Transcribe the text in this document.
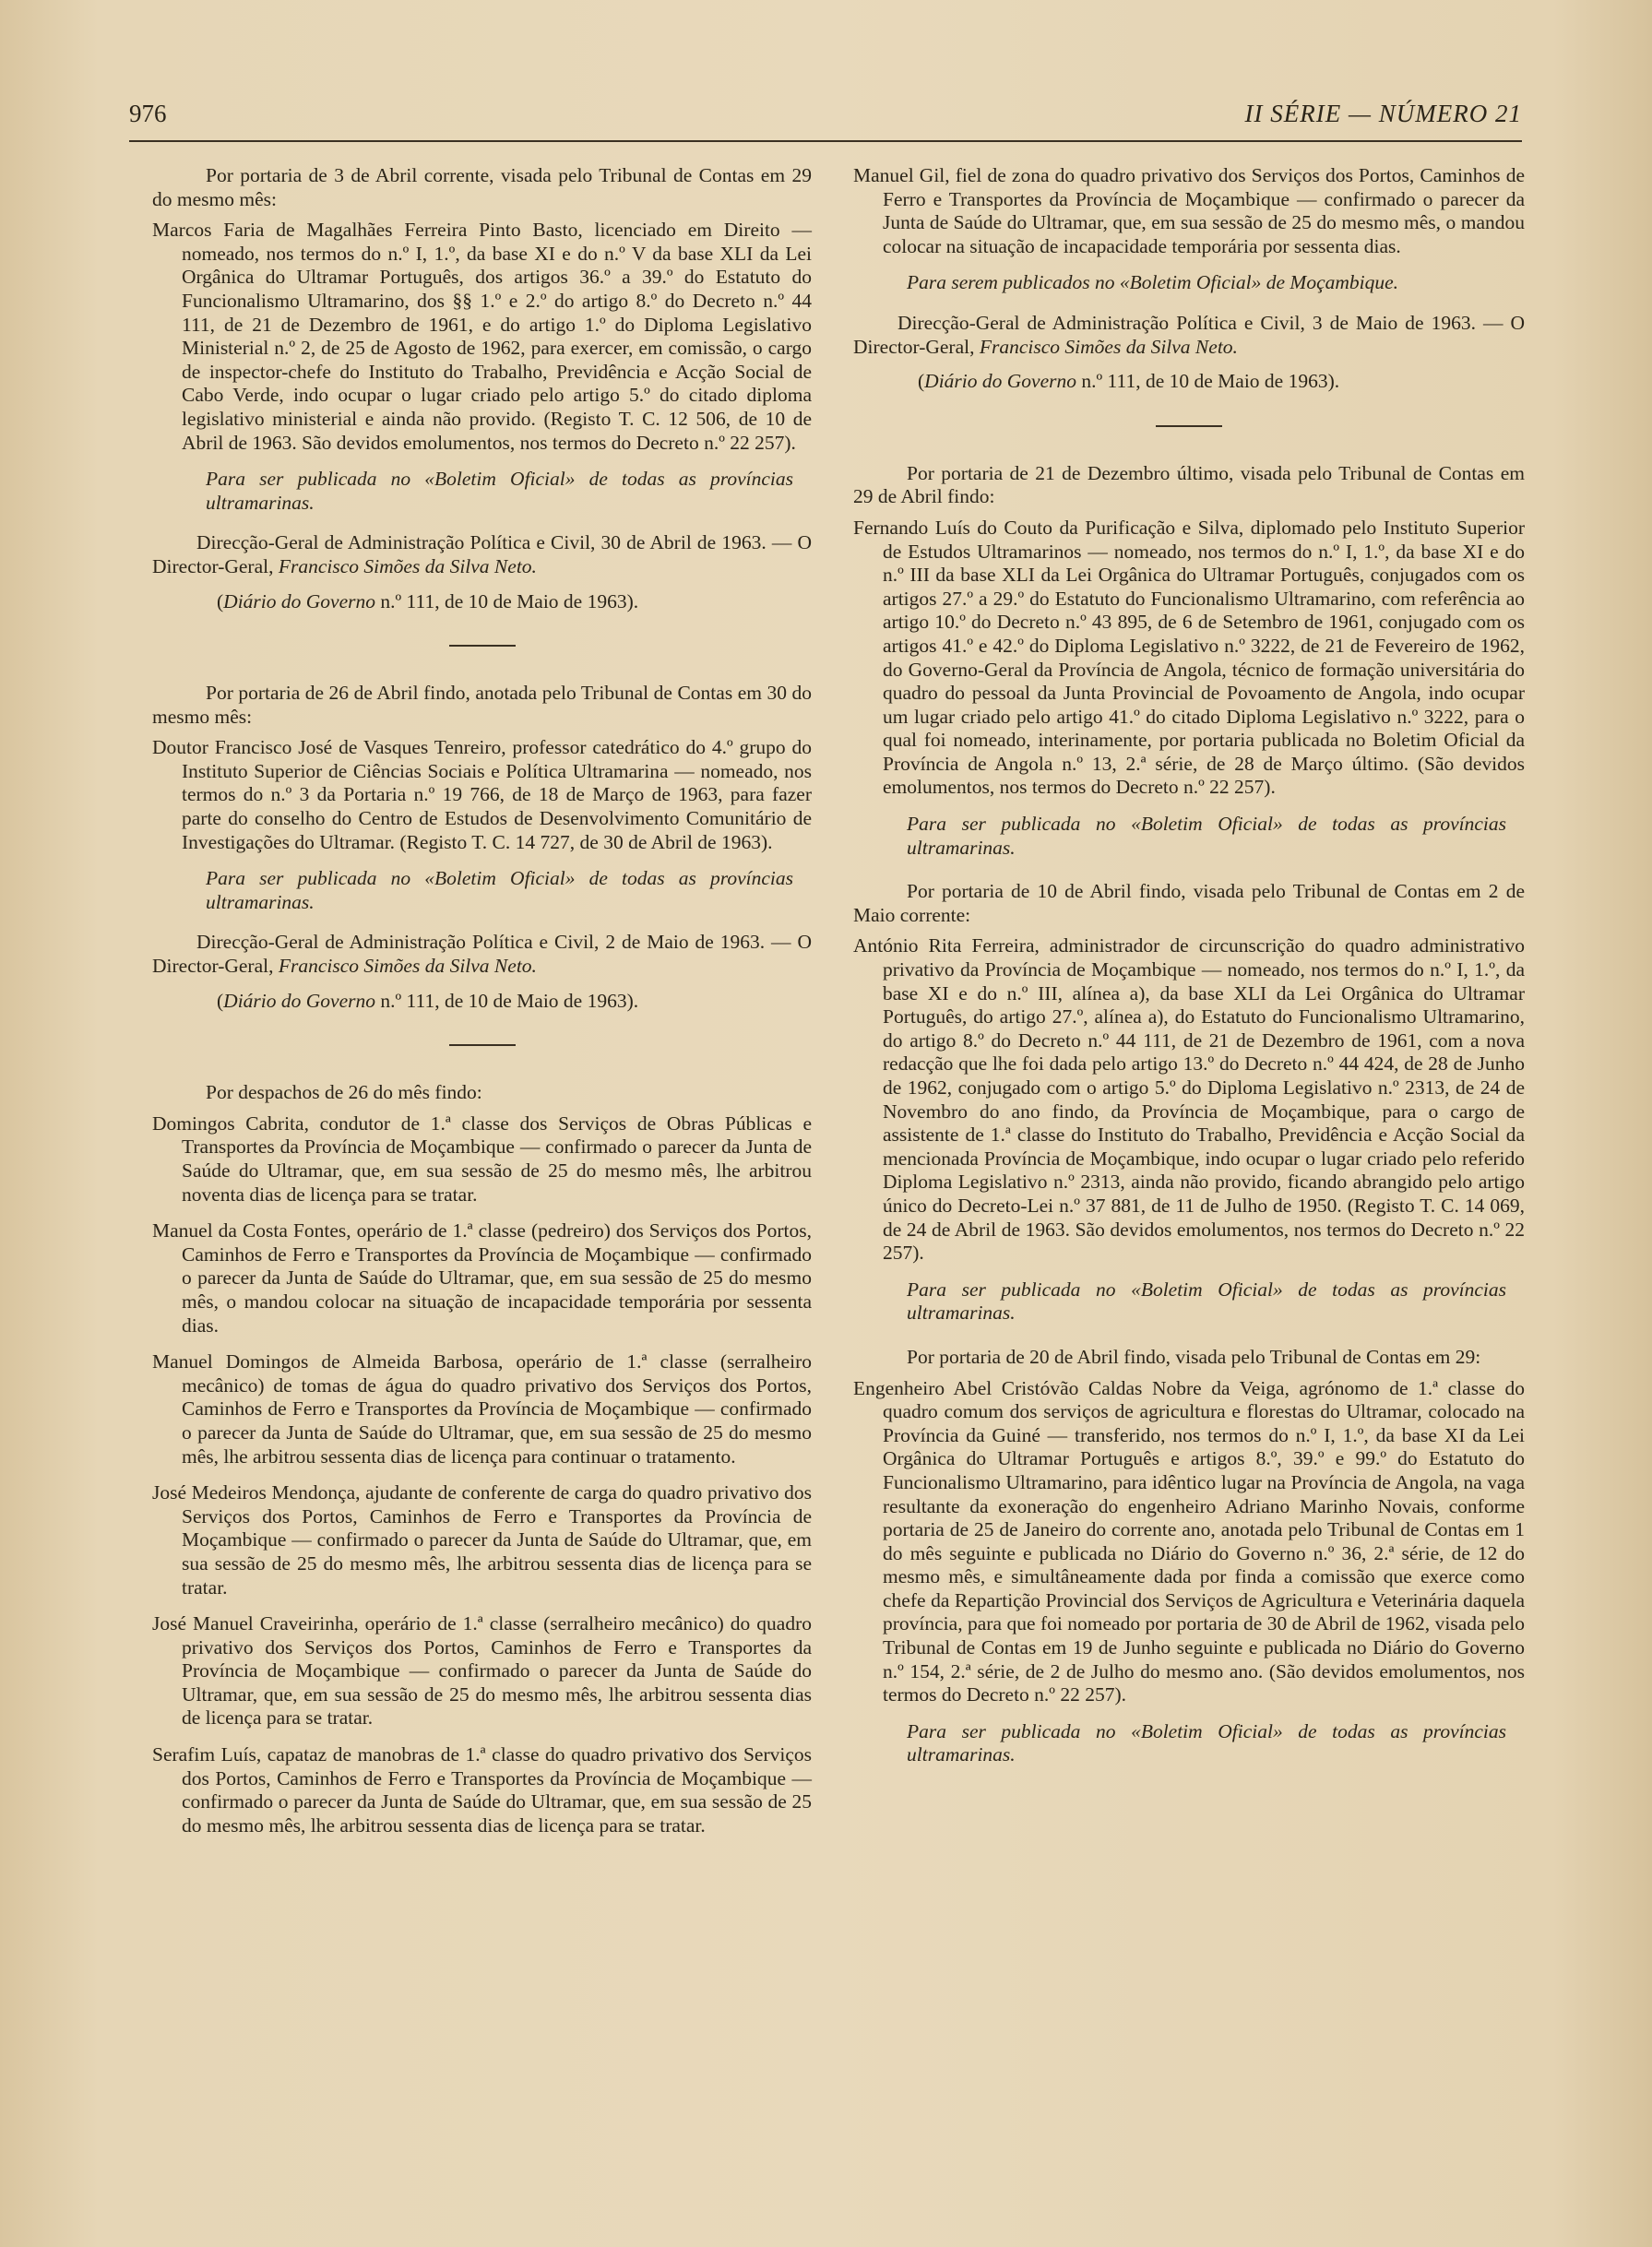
976	II SÉRIE — NÚMERO 21

Por portaria de 3 de Abril corrente, visada pelo Tribunal de Contas em 29 do mesmo mês:

Marcos Faria de Magalhães Ferreira Pinto Basto, licenciado em Direito — nomeado, nos termos do n.º I, 1.º, da base XI e do n.º V da base XLI da Lei Orgânica do Ultramar Português, dos artigos 36.º a 39.º do Estatuto do Funcionalismo Ultramarino, dos §§ 1.º e 2.º do artigo 8.º do Decreto n.º 44 111, de 21 de Dezembro de 1961, e do artigo 1.º do Diploma Legislativo Ministerial n.º 2, de 25 de Agosto de 1962, para exercer, em comissão, o cargo de inspector-chefe do Instituto do Trabalho, Previdência e Acção Social de Cabo Verde, indo ocupar o lugar criado pelo artigo 5.º do citado diploma legislativo ministerial e ainda não provido. (Registo T. C. 12 506, de 10 de Abril de 1963. São devidos emolumentos, nos termos do Decreto n.º 22 257).

Para ser publicada no «Boletim Oficial» de todas as províncias ultramarinas.

Direcção-Geral de Administração Política e Civil, 30 de Abril de 1963. — O Director-Geral, Francisco Simões da Silva Neto.

(Diário do Governo n.º 111, de 10 de Maio de 1963).

Por portaria de 26 de Abril findo, anotada pelo Tribunal de Contas em 30 do mesmo mês:

Doutor Francisco José de Vasques Tenreiro, professor catedrático do 4.º grupo do Instituto Superior de Ciências Sociais e Política Ultramarina — nomeado, nos termos do n.º 3 da Portaria n.º 19 766, de 18 de Março de 1963, para fazer parte do conselho do Centro de Estudos de Desenvolvimento Comunitário de Investigações do Ultramar. (Registo T. C. 14 727, de 30 de Abril de 1963).

Para ser publicada no «Boletim Oficial» de todas as províncias ultramarinas.

Direcção-Geral de Administração Política e Civil, 2 de Maio de 1963. — O Director-Geral, Francisco Simões da Silva Neto.

(Diário do Governo n.º 111, de 10 de Maio de 1963).

Por despachos de 26 do mês findo:

Domingos Cabrita, condutor de 1.ª classe dos Serviços de Obras Públicas e Transportes da Província de Moçambique — confirmado o parecer da Junta de Saúde do Ultramar, que, em sua sessão de 25 do mesmo mês, lhe arbitrou noventa dias de licença para se tratar.

Manuel da Costa Fontes, operário de 1.ª classe (pedreiro) dos Serviços dos Portos, Caminhos de Ferro e Transportes da Província de Moçambique — confirmado o parecer da Junta de Saúde do Ultramar, que, em sua sessão de 25 do mesmo mês, o mandou colocar na situação de incapacidade temporária por sessenta dias.

Manuel Domingos de Almeida Barbosa, operário de 1.ª classe (serralheiro mecânico) de tomas de água do quadro privativo dos Serviços dos Portos, Caminhos de Ferro e Transportes da Província de Moçambique — confirmado o parecer da Junta de Saúde do Ultramar, que, em sua sessão de 25 do mesmo mês, lhe arbitrou sessenta dias de licença para continuar o tratamento.

José Medeiros Mendonça, ajudante de conferente de carga do quadro privativo dos Serviços dos Portos, Caminhos de Ferro e Transportes da Província de Moçambique — confirmado o parecer da Junta de Saúde do Ultramar, que, em sua sessão de 25 do mesmo mês, lhe arbitrou sessenta dias de licença para se tratar.

José Manuel Craveirinha, operário de 1.ª classe (serralheiro mecânico) do quadro privativo dos Serviços dos Portos, Caminhos de Ferro e Transportes da Província de Moçambique — confirmado o parecer da Junta de Saúde do Ultramar, que, em sua sessão de 25 do mesmo mês, lhe arbitrou sessenta dias de licença para se tratar.

Serafim Luís, capataz de manobras de 1.ª classe do quadro privativo dos Serviços dos Portos, Caminhos de Ferro e Transportes da Província de Moçambique — confirmado o parecer da Junta de Saúde do Ultramar, que, em sua sessão de 25 do mesmo mês, lhe arbitrou sessenta dias de licença para se tratar.

Manuel Gil, fiel de zona do quadro privativo dos Serviços dos Portos, Caminhos de Ferro e Transportes da Província de Moçambique — confirmado o parecer da Junta de Saúde do Ultramar, que, em sua sessão de 25 do mesmo mês, o mandou colocar na situação de incapacidade temporária por sessenta dias.

Para serem publicados no «Boletim Oficial» de Moçambique.

Direcção-Geral de Administração Política e Civil, 3 de Maio de 1963. — O Director-Geral, Francisco Simões da Silva Neto.

(Diário do Governo n.º 111, de 10 de Maio de 1963).

Por portaria de 21 de Dezembro último, visada pelo Tribunal de Contas em 29 de Abril findo:

Fernando Luís do Couto da Purificação e Silva, diplomado pelo Instituto Superior de Estudos Ultramarinos — nomeado, nos termos do n.º I, 1.º, da base XI e do n.º III da base XLI da Lei Orgânica do Ultramar Português, conjugados com os artigos 27.º a 29.º do Estatuto do Funcionalismo Ultramarino, com referência ao artigo 10.º do Decreto n.º 43 895, de 6 de Setembro de 1961, conjugado com os artigos 41.º e 42.º do Diploma Legislativo n.º 3222, de 21 de Fevereiro de 1962, do Governo-Geral da Província de Angola, técnico de formação universitária do quadro do pessoal da Junta Provincial de Povoamento de Angola, indo ocupar um lugar criado pelo artigo 41.º do citado Diploma Legislativo n.º 3222, para o qual foi nomeado, interinamente, por portaria publicada no Boletim Oficial da Província de Angola n.º 13, 2.ª série, de 28 de Março último. (São devidos emolumentos, nos termos do Decreto n.º 22 257).

Para ser publicada no «Boletim Oficial» de todas as províncias ultramarinas.

Por portaria de 10 de Abril findo, visada pelo Tribunal de Contas em 2 de Maio corrente:

António Rita Ferreira, administrador de circunscrição do quadro administrativo privativo da Província de Moçambique — nomeado, nos termos do n.º I, 1.º, da base XI e do n.º III, alínea a), da base XLI da Lei Orgânica do Ultramar Português, do artigo 27.º, alínea a), do Estatuto do Funcionalismo Ultramarino, do artigo 8.º do Decreto n.º 44 111, de 21 de Dezembro de 1961, com a nova redacção que lhe foi dada pelo artigo 13.º do Decreto n.º 44 424, de 28 de Junho de 1962, conjugado com o artigo 5.º do Diploma Legislativo n.º 2313, de 24 de Novembro do ano findo, da Província de Moçambique, para o cargo de assistente de 1.ª classe do Instituto do Trabalho, Previdência e Acção Social da mencionada Província de Moçambique, indo ocupar o lugar criado pelo referido Diploma Legislativo n.º 2313, ainda não provido, ficando abrangido pelo artigo único do Decreto-Lei n.º 37 881, de 11 de Julho de 1950. (Registo T. C. 14 069, de 24 de Abril de 1963. São devidos emolumentos, nos termos do Decreto n.º 22 257).

Para ser publicada no «Boletim Oficial» de todas as províncias ultramarinas.

Por portaria de 20 de Abril findo, visada pelo Tribunal de Contas em 29:

Engenheiro Abel Cristóvão Caldas Nobre da Veiga, agrónomo de 1.ª classe do quadro comum dos serviços de agricultura e florestas do Ultramar, colocado na Província da Guiné — transferido, nos termos do n.º I, 1.º, da base XI da Lei Orgânica do Ultramar Português e artigos 8.º, 39.º e 99.º do Estatuto do Funcionalismo Ultramarino, para idêntico lugar na Província de Angola, na vaga resultante da exoneração do engenheiro Adriano Marinho Novais, conforme portaria de 25 de Janeiro do corrente ano, anotada pelo Tribunal de Contas em 1 do mês seguinte e publicada no Diário do Governo n.º 36, 2.ª série, de 12 do mesmo mês, e simultâneamente dada por finda a comissão que exerce como chefe da Repartição Provincial dos Serviços de Agricultura e Veterinária daquela província, para que foi nomeado por portaria de 30 de Abril de 1962, visada pelo Tribunal de Contas em 19 de Junho seguinte e publicada no Diário do Governo n.º 154, 2.ª série, de 2 de Julho do mesmo ano. (São devidos emolumentos, nos termos do Decreto n.º 22 257).

Para ser publicada no «Boletim Oficial» de todas as províncias ultramarinas.
